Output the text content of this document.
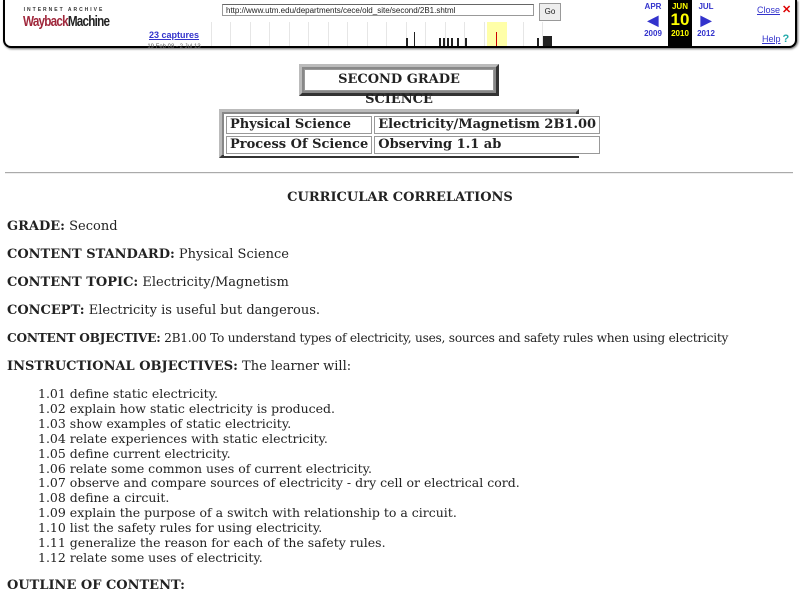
INTERNET ARCHIVE
WaybackMachine
23 captures
19 Feb 08 - 2 Jul 13
http://www.utm.edu/departments/cece/old_site/second/2B1.shtml	Go
APR
◀
2009
JUN
10
2010
JUL
▶
2012
Close ✕
Help ?
SECOND GRADE SCIENCE
Physical Science	Electricity/Magnetism 2B1.00
Process Of Science	Observing 1.1 ab
CURRICULAR CORRELATIONS
GRADE: Second
CONTENT STANDARD: Physical Science
CONTENT TOPIC: Electricity/Magnetism
CONCEPT: Electricity is useful but dangerous.
CONTENT OBJECTIVE: 2B1.00 To understand types of electricity, uses, sources and safety rules when using electricity
INSTRUCTIONAL OBJECTIVES: The learner will:
1.01 define static electricity.
1.02 explain how static electricity is produced.
1.03 show examples of static electricity.
1.04 relate experiences with static electricity.
1.05 define current electricity.
1.06 relate some common uses of current electricity.
1.07 observe and compare sources of electricity - dry cell or electrical cord.
1.08 define a circuit.
1.09 explain the purpose of a switch with relationship to a circuit.
1.10 list the safety rules for using electricity.
1.11 generalize the reason for each of the safety rules.
1.12 relate some uses of electricity.
OUTLINE OF CONTENT:
